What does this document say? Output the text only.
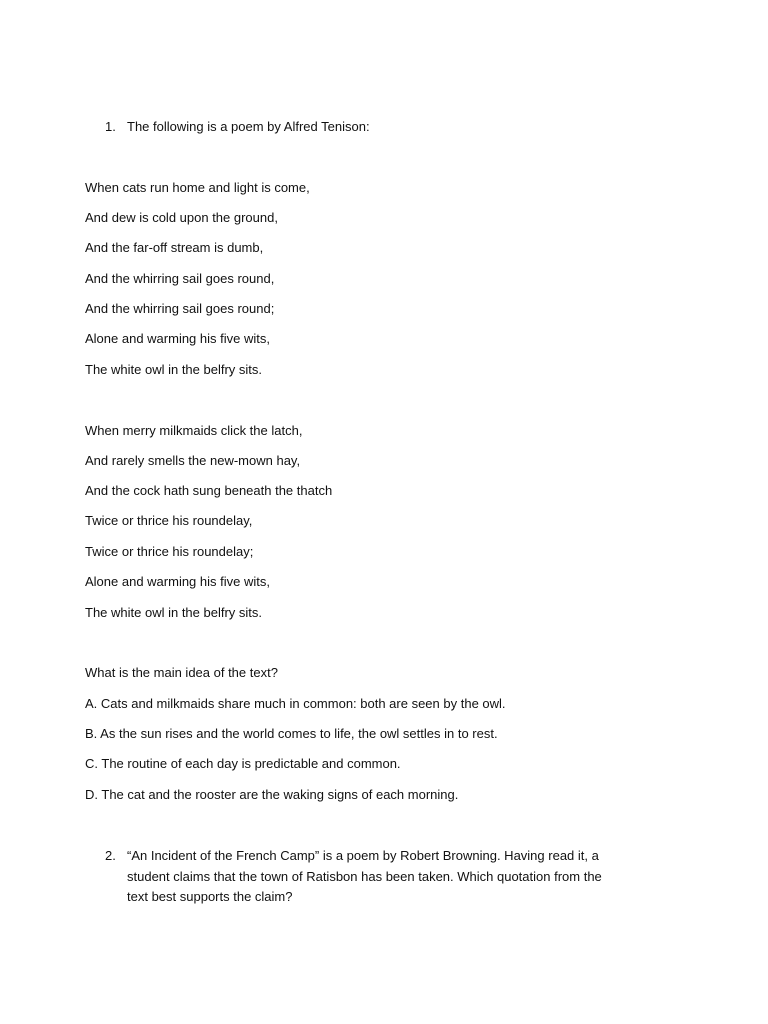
1. The following is a poem by Alfred Tenison:
When cats run home and light is come,
And dew is cold upon the ground,
And the far-off stream is dumb,
And the whirring sail goes round,
And the whirring sail goes round;
Alone and warming his five wits,
The white owl in the belfry sits.
When merry milkmaids click the latch,
And rarely smells the new-mown hay,
And the cock hath sung beneath the thatch
Twice or thrice his roundelay,
Twice or thrice his roundelay;
Alone and warming his five wits,
The white owl in the belfry sits.
What is the main idea of the text?
A. Cats and milkmaids share much in common: both are seen by the owl.
B. As the sun rises and the world comes to life, the owl settles in to rest.
C. The routine of each day is predictable and common.
D. The cat and the rooster are the waking signs of each morning.
2. “An Incident of the French Camp” is a poem by Robert Browning. Having read it, a student claims that the town of Ratisbon has been taken. Which quotation from the text best supports the claim?
